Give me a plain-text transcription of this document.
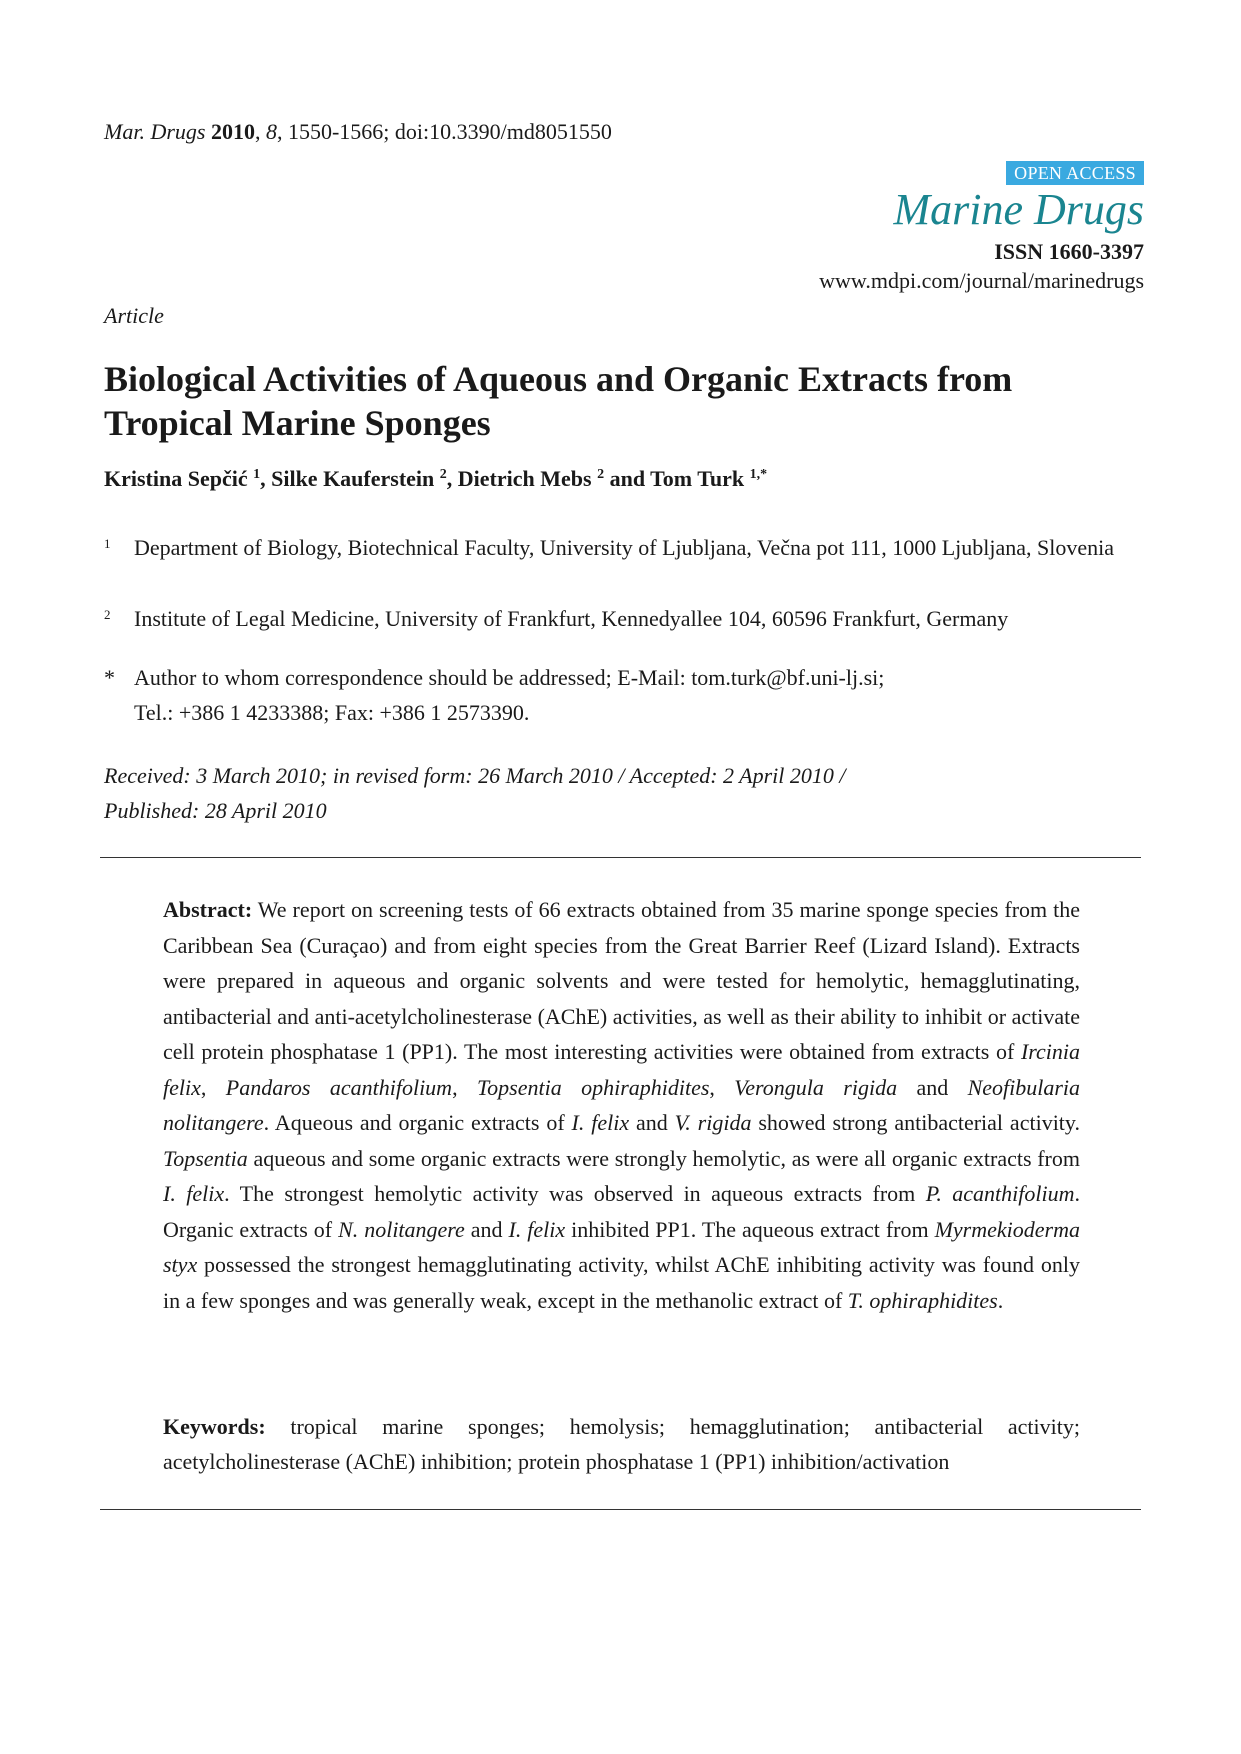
Mar. Drugs 2010, 8, 1550-1566; doi:10.3390/md8051550
OPEN ACCESS
Marine Drugs
ISSN 1660-3397
www.mdpi.com/journal/marinedrugs
Article
Biological Activities of Aqueous and Organic Extracts from Tropical Marine Sponges
Kristina Sepčić $^1$, Silke Kauferstein $^2$, Dietrich Mebs $^2$ and Tom Turk $^{1,*}$
1 Department of Biology, Biotechnical Faculty, University of Ljubljana, Večna pot 111, 1000 Ljubljana, Slovenia
2 Institute of Legal Medicine, University of Frankfurt, Kennedyallee 104, 60596 Frankfurt, Germany
* Author to whom correspondence should be addressed; E-Mail: tom.turk@bf.uni-lj.si;
Tel.: +386 1 4233388; Fax: +386 1 2573390.
Received: 3 March 2010; in revised form: 26 March 2010 / Accepted: 2 April 2010 /
Published: 28 April 2010

Abstract: We report on screening tests of 66 extracts obtained from 35 marine sponge species from the Caribbean Sea (Curaçao) and from eight species from the Great Barrier Reef (Lizard Island). Extracts were prepared in aqueous and organic solvents and were tested for hemolytic, hemagglutinating, antibacterial and anti-acetylcholinesterase (AChE) activities, as well as their ability to inhibit or activate cell protein phosphatase 1 (PP1). The most interesting activities were obtained from extracts of Ircinia felix, Pandaros acanthifolium, Topsentia ophiraphidites, Verongula rigida and Neofibularia nolitangere. Aqueous and organic extracts of I. felix and V. rigida showed strong antibacterial activity. Topsentia aqueous and some organic extracts were strongly hemolytic, as were all organic extracts from I. felix. The strongest hemolytic activity was observed in aqueous extracts from P. acanthifolium. Organic extracts of N. nolitangere and I. felix inhibited PP1. The aqueous extract from Myrmekioderma styx possessed the strongest hemagglutinating activity, whilst AChE inhibiting activity was found only in a few sponges and was generally weak, except in the methanolic extract of T. ophiraphidites.

Keywords: tropical marine sponges; hemolysis; hemagglutination; antibacterial activity; acetylcholinesterase (AChE) inhibition; protein phosphatase 1 (PP1) inhibition/activation
